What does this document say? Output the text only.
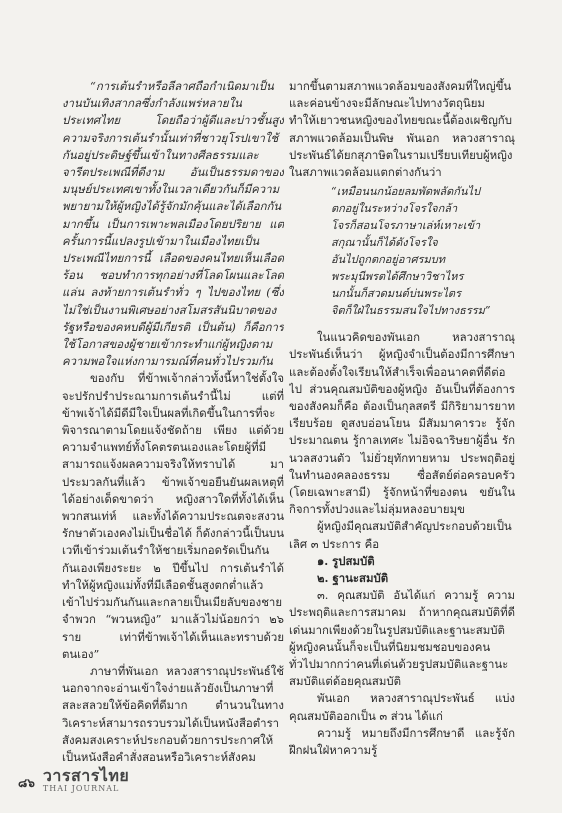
“การเต้นรำหรือลีลาศถือกำเนิดมาเป็นงานบันเทิงสากลซึ่งกำลังแพร่หลายในประเทศไทย โดยถือว่าผู้ดีและบ่าวชั้นสูง ความจริงการเต้นรำนั้นเท่าที่ชาวยุโรปเขาใช้กันอยู่ประดิษฐ์ขึ้นเข้าในทางศีลธรรมและจารีตประเพณีที่ดีงาม อันเป็นธรรมดาของมนุษย์ประเทศเขาทั้งในเวลาเดียวกันก็มีความพยายามให้ผู้หญิงได้รู้จักมักคุ้นและได้เลือกกันมากขึ้น เป็นการเพาะพลเมืองโดยปริยาย แต่ครั้นการนี้แปลงรูปเข้ามาในเมืองไทยเป็นประเพณีไทยการนี้ เลือดของคนไทยเห็นเลือดร้อน ชอบทำการทุกอย่างที่โลดโผนและโลดแล่น ลงท้ายการเต้นรำทั่ว ๆ ไปของไทย (ซึ่งไม่ใช่เป็นงานพิเศษอย่างสโมสรสันนิบาตของรัฐหรือของคหบดีผู้มีเกียรติ เป็นต้น) ก็คือการใช้โอกาสของผู้ชายเข้ากระทำแก่ผู้หญิงตามความพอใจแห่งกามารมณ์ที่คนทั่วไปรวมกัน

ของกับ ที่ข้าพเจ้ากล่าวทั้งนี้หาใช่ตั้งใจจะปรักปรำประณามการเต้นรำนี้ไม่ แต่ที่ข้าพเจ้าได้มีดีมีใจเป็นผลที่เกิดขึ้นในการที่จะพิจารณาตามโดยแจ้งชัดถ้าย เพียง แต่ด้วยความจำแพทย์ทั้งโคตรตนเองและโดยผู้ที่มีสามารถแจ้งผลความจริงให้ทราบได้ มาประมวลกันที่แล้ว ข้าพเจ้าขอยืนยันผลเหตุที่ได้อย่างเด็ดขาดว่า หญิงสาวใดที่ทั้งได้เห็นพวกสนเท่ห์ และทั้งได้ความประณตจะสงวนรักษาตัวเองคงไม่เป็นชื่อได้ ก็ดังกล่าวนี้เป็นบนเวทีเข้าร่วมเต้นรำให้ชายเริ่มกอดรัดเป็นกันกันเองเพียงระยะ ๒ ปีขึ้นไป การเต้นรำได้ทำให้ผู้หญิงแม่ทั้งที่มีเลือดชั้นสูงตกต่ำแล้วเข้าไปร่วมกันกันและกลายเป็นเมียลับของชายจำพวก “พวนหญิง” มาแล้วไม่น้อยกว่า ๒๖ ราย เท่าที่ข้าพเจ้าได้เห็นและทราบด้วยตนเอง”

ภาษาที่พันเอก หลวงสาราณุประพันธ์ใช้นอกจากจะอ่านเข้าใจง่ายแล้วยังเป็นภาษาที่สละสลวยให้ข้อคิดที่ดีมาก ตำนวนในทางวิเคราะห์สามารถรวบรวมได้เป็นหนังสือตำราสังคมสงเคราะห์ประกอบด้วยการประกาศให้เป็นหนังสือคำสั่งสอนหรือวิเคราะห์สังคม

มากขึ้นตามสภาพแวดล้อมของสังคมที่ใหญ่ขึ้นและค่อนข้างจะมีลักษณะไปทางวัตถุนิยม ทำให้เยาวชนหญิงของไทยขณะนี้ต้องเผชิญกับสภาพแวดล้อมเป็นพิษ พันเอก หลวงสาราณุประพันธ์ได้ยกสุภาษิตในรามเปรียบเทียบผู้หญิงในสภาพแวดล้อมแตกต่างกันว่า

“เหมือนนกน้อยลมพัดพลัดกันไป
ตกอยู่ในระหว่างโจรใจกล้า
โจรก็สอนโจรภาษาเล่ห์เหาะเข้า
สกุณานั้นก็ได้ดังโจรใจ
อันไปถูกตกอยู่อาศรมบท
พระมุนีพรตได้ศึกษาวิชาไหร
นกนั้นก็สวดมนต์บ่นพระไตร
จิตก็ใฝ่ในธรรมสนใจไปทางธรรม”

ในแนวคิดของพันเอก หลวงสาราณุประพันธ์เห็นว่า ผู้หญิงจำเป็นต้องมีการศึกษาและต้องตั้งใจเรียนให้สำเร็จเพื่ออนาคตที่ดีต่อไป ส่วนคุณสมบัติของผู้หญิง อันเป็นที่ต้องการของสังคมก็คือ ต้องเป็นกุลสตรี มีกิริยามารยาทเรียบร้อย ดูสงบอ่อนโยน มีสัมมาคารวะ รู้จักประมาณตน รู้กาลเทศะ ไม่อิจฉาริษยาผู้อื่น รักนวลสงวนตัว ไม่ยั่วยุทักทายหาม ประพฤติอยู่ในทำนองคลองธรรม ซื่อสัตย์ต่อครอบครัว (โดยเฉพาะสามี) รู้จักหน้าที่ของตน ขยันในกิจการทั้งปวงและไม่ลุ่มหลงอบายมุข

ผู้หญิงมีคุณสมบัติสำคัญประกอบด้วยเป็นเลิศ ๓ ประการ คือ

๑. รูปสมบัติ

๒. ฐานะสมบัติ

๓. คุณสมบัติ อันได้แก่ ความรู้ ความประพฤติและการสมาคม ถ้าหากคุณสมบัติที่ดีเด่นมากเพียงด้วยในรูปสมบัติและฐานะสมบัติ ผู้หญิงคนนั้นก็จะเป็นที่นิยมชมชอบของคนทั่วไปมากกว่าคนที่เด่นด้วยรูปสมบัติและฐานะสมบัติแต่ด้อยคุณสมบัติ

พันเอก หลวงสาราณุประพันธ์ แบ่งคุณสมบัติออกเป็น ๓ ส่วน ได้แก่

ความรู้ หมายถึงมีการศึกษาดี และรู้จักฝึกฝนใฝ่หาความรู้

๘๖ วารสารไทย
THAI JOURNAL
